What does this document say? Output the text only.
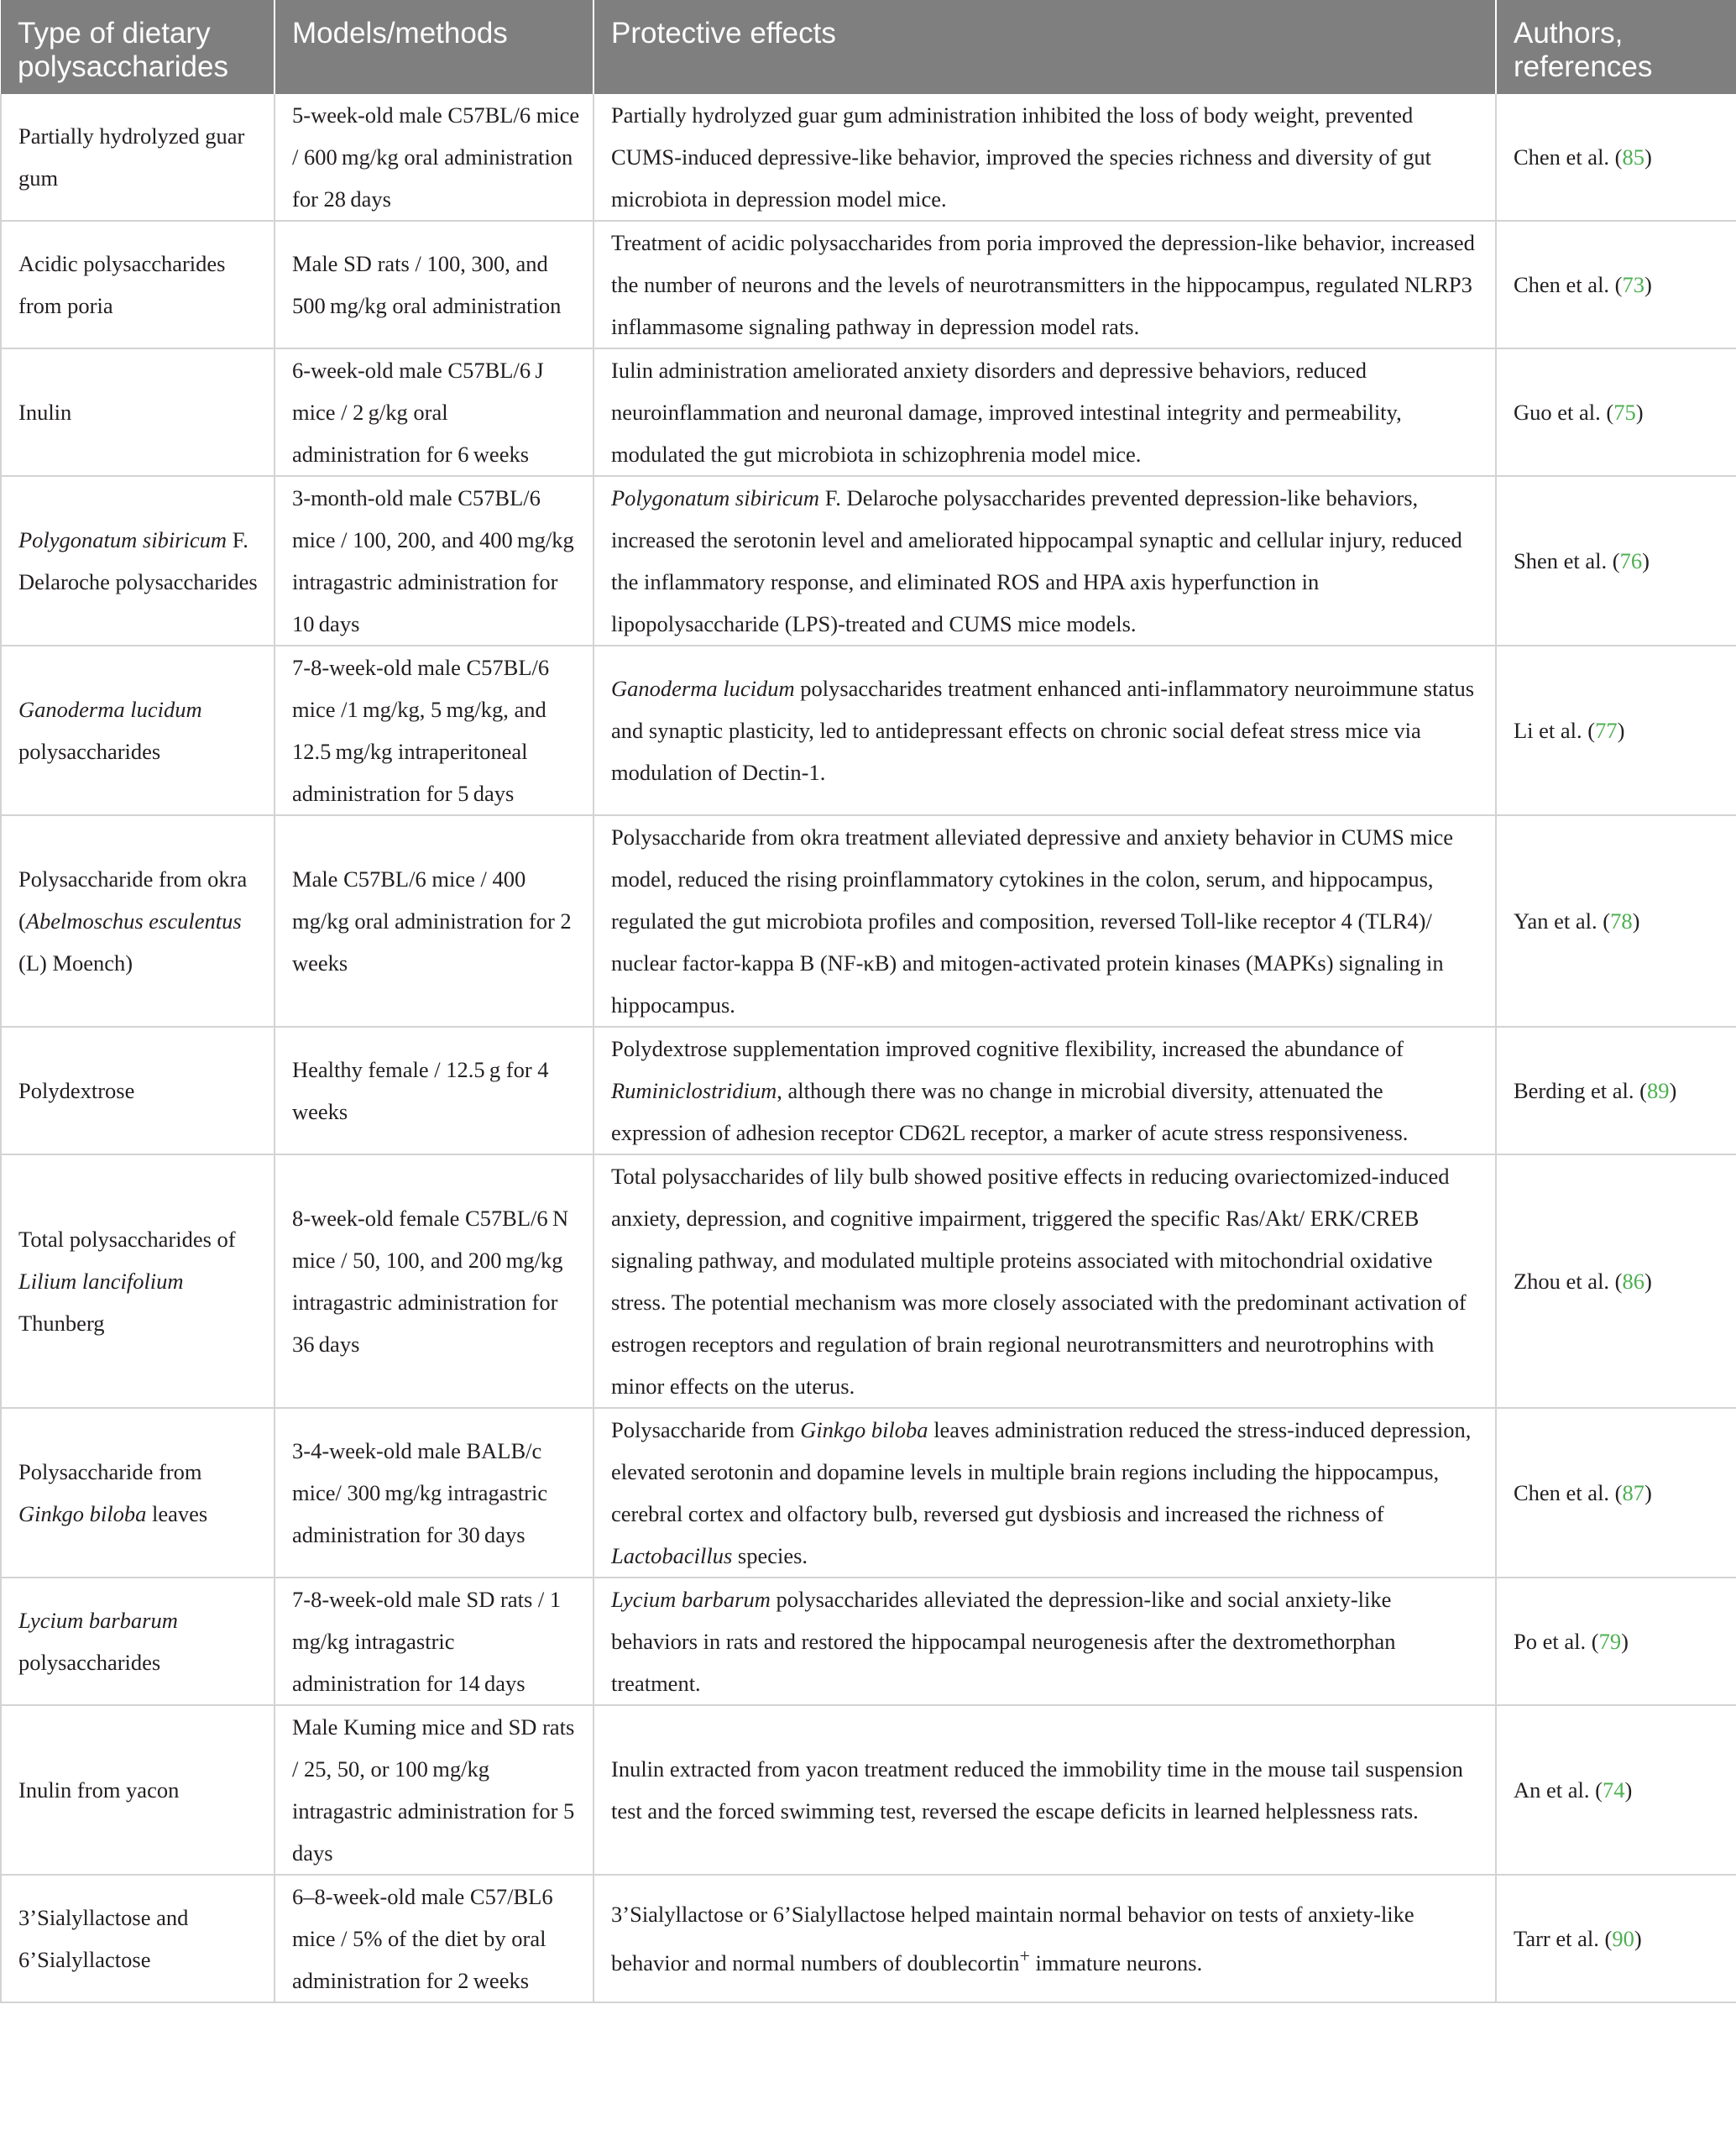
Type of dietary polysaccharides	Models/methods	Protective effects	Authors, references
Partially hydrolyzed guar gum	5-week-old male C57BL/6 mice / 600 mg/kg oral administration for 28 days	Partially hydrolyzed guar gum administration inhibited the loss of body weight, prevented CUMS-induced depressive-like behavior, improved the species richness and diversity of gut microbiota in depression model mice.	Chen et al. (85)
Acidic polysaccharides from poria	Male SD rats / 100, 300, and 500 mg/kg oral administration	Treatment of acidic polysaccharides from poria improved the depression-like behavior, increased the number of neurons and the levels of neurotransmitters in the hippocampus, regulated NLRP3 inflammasome signaling pathway in depression model rats.	Chen et al. (73)
Inulin	6-week-old male C57BL/6 J mice / 2 g/kg oral administration for 6 weeks	Iulin administration ameliorated anxiety disorders and depressive behaviors, reduced neuroinflammation and neuronal damage, improved intestinal integrity and permeability, modulated the gut microbiota in schizophrenia model mice.	Guo et al. (75)
Polygonatum sibiricum F. Delaroche polysaccharides	3-month-old male C57BL/6 mice / 100, 200, and 400 mg/kg intragastric administration for 10 days	Polygonatum sibiricum F. Delaroche polysaccharides prevented depression-like behaviors, increased the serotonin level and ameliorated hippocampal synaptic and cellular injury, reduced the inflammatory response, and eliminated ROS and HPA axis hyperfunction in lipopolysaccharide (LPS)-treated and CUMS mice models.	Shen et al. (76)
Ganoderma lucidum polysaccharides	7-8-week-old male C57BL/6 mice /1 mg/kg, 5 mg/kg, and 12.5 mg/kg intraperitoneal administration for 5 days	Ganoderma lucidum polysaccharides treatment enhanced anti-inflammatory neuroimmune status and synaptic plasticity, led to antidepressant effects on chronic social defeat stress mice via modulation of Dectin-1.	Li et al. (77)
Polysaccharide from okra (Abelmoschus esculentus (L) Moench)	Male C57BL/6 mice / 400 mg/kg oral administration for 2 weeks	Polysaccharide from okra treatment alleviated depressive and anxiety behavior in CUMS mice model, reduced the rising proinflammatory cytokines in the colon, serum, and hippocampus, regulated the gut microbiota profiles and composition, reversed Toll-like receptor 4 (TLR4)/ nuclear factor-kappa B (NF-κB) and mitogen-activated protein kinases (MAPKs) signaling in hippocampus.	Yan et al. (78)
Polydextrose	Healthy female / 12.5 g for 4 weeks	Polydextrose supplementation improved cognitive flexibility, increased the abundance of Ruminiclostridium, although there was no change in microbial diversity, attenuated the expression of adhesion receptor CD62L receptor, a marker of acute stress responsiveness.	Berding et al. (89)
Total polysaccharides of Lilium lancifolium Thunberg	8-week-old female C57BL/6 N mice / 50, 100, and 200 mg/kg intragastric administration for 36 days	Total polysaccharides of lily bulb showed positive effects in reducing ovariectomized-induced anxiety, depression, and cognitive impairment, triggered the specific Ras/Akt/ ERK/CREB signaling pathway, and modulated multiple proteins associated with mitochondrial oxidative stress. The potential mechanism was more closely associated with the predominant activation of estrogen receptors and regulation of brain regional neurotransmitters and neurotrophins with minor effects on the uterus.	Zhou et al. (86)
Polysaccharide from Ginkgo biloba leaves	3-4-week-old male BALB/c mice/ 300 mg/kg intragastric administration for 30 days	Polysaccharide from Ginkgo biloba leaves administration reduced the stress-induced depression, elevated serotonin and dopamine levels in multiple brain regions including the hippocampus, cerebral cortex and olfactory bulb, reversed gut dysbiosis and increased the richness of Lactobacillus species.	Chen et al. (87)
Lycium barbarum polysaccharides	7-8-week-old male SD rats / 1 mg/kg intragastric administration for 14 days	Lycium barbarum polysaccharides alleviated the depression-like and social anxiety-like behaviors in rats and restored the hippocampal neurogenesis after the dextromethorphan treatment.	Po et al. (79)
Inulin from yacon	Male Kuming mice and SD rats / 25, 50, or 100 mg/kg intragastric administration for 5 days	Inulin extracted from yacon treatment reduced the immobility time in the mouse tail suspension test and the forced swimming test, reversed the escape deficits in learned helplessness rats.	An et al. (74)
3’Sialyllactose and 6’Sialyllactose	6–8-week-old male C57/BL6 mice / 5% of the diet by oral administration for 2 weeks	3’Sialyllactose or 6’Sialyllactose helped maintain normal behavior on tests of anxiety-like behavior and normal numbers of doublecortin+ immature neurons.	Tarr et al. (90)
